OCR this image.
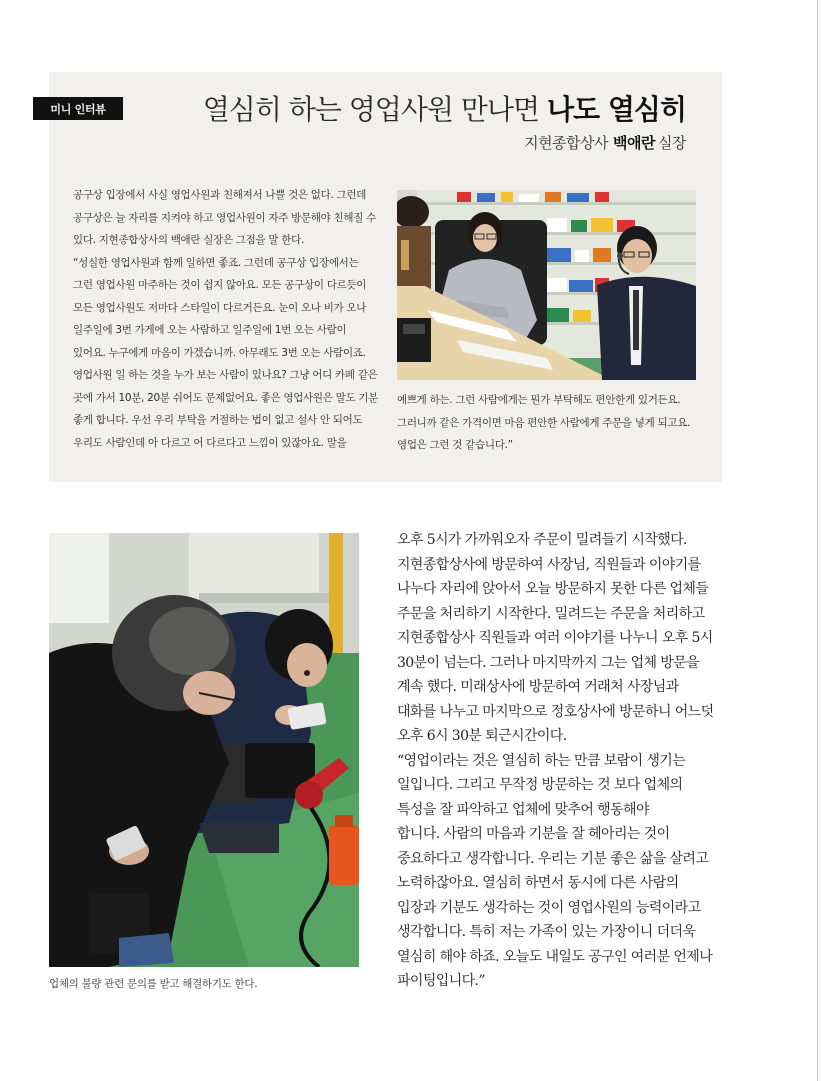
미니 인터뷰	열심히 하는 영업사원 만나면 나도 열심히
지현종합상사 백애란 실장
공구상 입장에서 사실 영업사원과 친해져서 나쁠 것은 없다. 그런데
공구상은 늘 자리를 지켜야 하고 영업사원이 자주 방문해야 친해질 수
있다. 지현종합상사의 백애란 실장은 그점을 말 한다.
“성실한 영업사원과 함께 일하면 좋죠. 그런데 공구상 입장에서는
그런 영업사원 마주하는 것이 쉽지 않아요. 모든 공구상이 다르듯이
모든 영업사원도 저마다 스타일이 다르거든요. 눈이 오나 비가 오나
일주일에 3번 가게에 오는 사람하고 일주일에 1번 오는 사람이
있어요. 누구에게 마음이 가겠습니까. 아무래도 3번 오는 사람이죠.
영업사원 일 하는 것을 누가 보는 사람이 있나요? 그냥 어디 카페 같은
곳에 가서 10분, 20분 쉬어도 문제없어요. 좋은 영업사원은 말도 기분
좋게 합니다. 우선 우리 부탁을 거절하는 법이 없고 설사 안 되어도
우리도 사람인데 아 다르고 어 다르다고 느낌이 있잖아요. 말을
예쁘게 하는. 그런 사람에게는 뭔가 부탁해도 편안한게 있거든요.
그러니까 같은 가격이면 마음 편안한 사람에게 주문을 넣게 되고요.
영업은 그런 것 같습니다.”
업체의 불량 관련 문의를 받고 해결하기도 한다.
오후 5시가 가까워오자 주문이 밀려들기 시작했다.
지현종합상사에 방문하여 사장님, 직원들과 이야기를
나누다 자리에 앉아서 오늘 방문하지 못한 다른 업체들
주문을 처리하기 시작한다. 밀려드는 주문을 처리하고
지현종합상사 직원들과 여러 이야기를 나누니 오후 5시
30분이 넘는다. 그러나 마지막까지 그는 업체 방문을
계속 했다. 미래상사에 방문하여 거래처 사장님과
대화를 나누고 마지막으로 정호상사에 방문하니 어느덧
오후 6시 30분 퇴근시간이다.
“영업이라는 것은 열심히 하는 만큼 보람이 생기는
일입니다. 그리고 무작정 방문하는 것 보다 업체의
특성을 잘 파악하고 업체에 맞추어 행동해야
합니다. 사람의 마음과 기분을 잘 헤아리는 것이
중요하다고 생각합니다. 우리는 기분 좋은 삶을 살려고
노력하잖아요. 열심히 하면서 동시에 다른 사람의
입장과 기분도 생각하는 것이 영업사원의 능력이라고
생각합니다. 특히 저는 가족이 있는 가장이니 더더욱
열심히 해야 하죠. 오늘도 내일도 공구인 여러분 언제나
파이팅입니다.”
